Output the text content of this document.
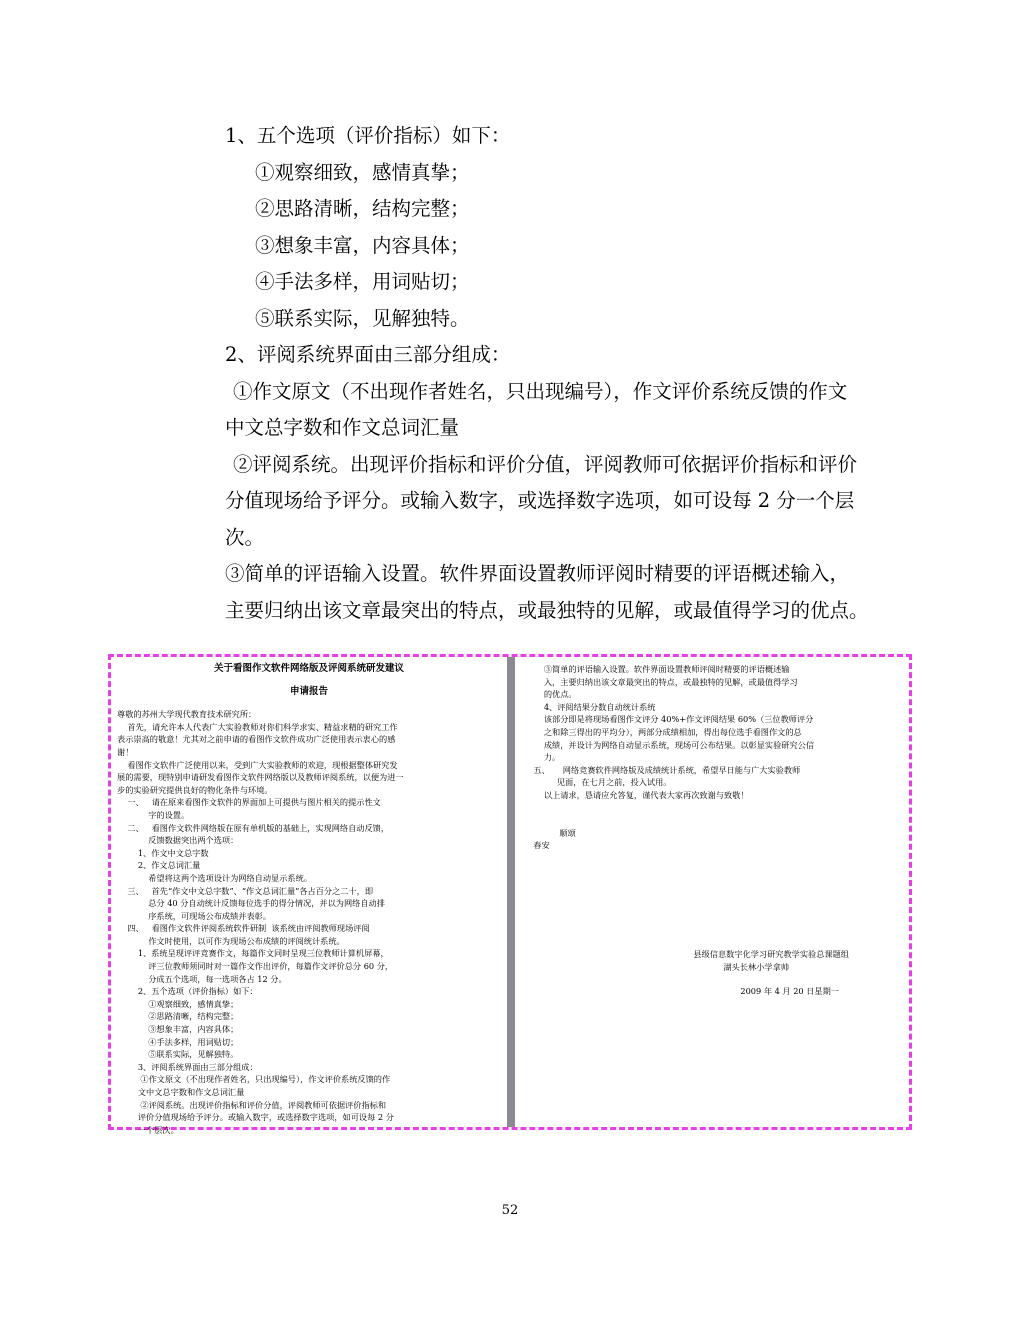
1、五个选项（评价指标）如下：
①观察细致，感情真挚；
②思路清晰，结构完整；
③想象丰富，内容具体；
④手法多样，用词贴切；
⑤联系实际，见解独特。
2、评阅系统界面由三部分组成：
①作文原文（不出现作者姓名，只出现编号），作文评价系统反馈的作文
中文总字数和作文总词汇量
②评阅系统。出现评价指标和评价分值，评阅教师可依据评价指标和评价
分值现场给予评分。或输入数字，或选择数字选项，如可设每 2 分一个层
次。
③简单的评语输入设置。软件界面设置教师评阅时精要的评语概述输入，
主要归纳出该文章最突出的特点，或最独特的见解，或最值得学习的优点。
关于看图作文软件网络版及评阅系统研发建议
申请报告
尊敬的苏州大学现代教育技术研究所：
首先，请允许本人代表广大实验教师对你们科学求实、精益求精的研究工作
表示崇高的敬意！尤其对之前申请的看图作文软件成功广泛使用表示衷心的感
谢！
看图作文软件广泛使用以来，受到广大实验教师的欢迎，现根据整体研究发
展的需要，现特别申请研发看图作文软件网络版以及教师评阅系统，以便为进一
步的实验研究提供良好的物化条件与环境。
一、   请在原来看图作文软件的界面加上可提供与图片相关的提示性文
字的设置。
二、   看图作文软件网络版在原有单机版的基础上，实现网络自动反馈，
反馈数据突出两个选项：
1、作文中文总字数
2、作文总词汇量
希望将这两个选项设计为网络自动显示系统。
三、   首先“作文中文总字数”、“作文总词汇量”各占百分之二十，即
总分 40 分自动统计反馈每位选手的得分情况，并以为网络自动排
序系统，可现场公布成绩并表彰。
四、   看图作文软件评阅系统软件研制  该系统由评阅教师现场评阅
作文时使用，以可作为现场公布成绩的评阅统计系统。
1、系统呈现评评竞赛作文，每篇作文同时呈现三位教师计算机屏幕，
评三位教师须同时对一篇作文作出评价，每篇作文评价总分 60 分，
分成五个选项，每一选项各占 12 分。
2、五个选项（评价指标）如下：
①观察细致，感情真挚；
②思路清晰，结构完整；
③想象丰富，内容具体；
④手法多样，用词贴切；
⑤联系实际，见解独特。
3、评阅系统界面由三部分组成：
①作文原文（不出现作者姓名，只出现编号），作文评价系统反馈的作
文中文总字数和作文总词汇量
②评阅系统。出现评价指标和评价分值，评阅教师可依据评价指标和
评价分值现场给予评分。或输入数字，或选择数字选项，如可设每 2 分
一个层次。
③简单的评语输入设置。软件界面设置教师评阅时精要的评语概述输
入，主要归纳出该文章最突出的特点，或最独特的见解，或最值得学习
的优点。
4、评阅结果分数自动统计系统
该部分即是将现场看图作文评分 40%+作文评阅结果 60%（三位教师评分
之和除三得出的平均分），两部分成绩相加，得出每位选手看图作文的总
成绩，并设计为网络自动显示系统，现场可公布结果。以彰显实验研究公信
力。
五、     网络竞赛软件网络版及成绩统计系统，希望早日能与广大实验教师
见面，在七月之前，投入试用。
以上请求，恳请应允答复，谨代表大家再次致谢与致敬！

顺颂
春安
县级信息数字化学习研究教学实验总课题组
湖头长林小学拿帅
2009 年 4 月 20 日星期一
52
